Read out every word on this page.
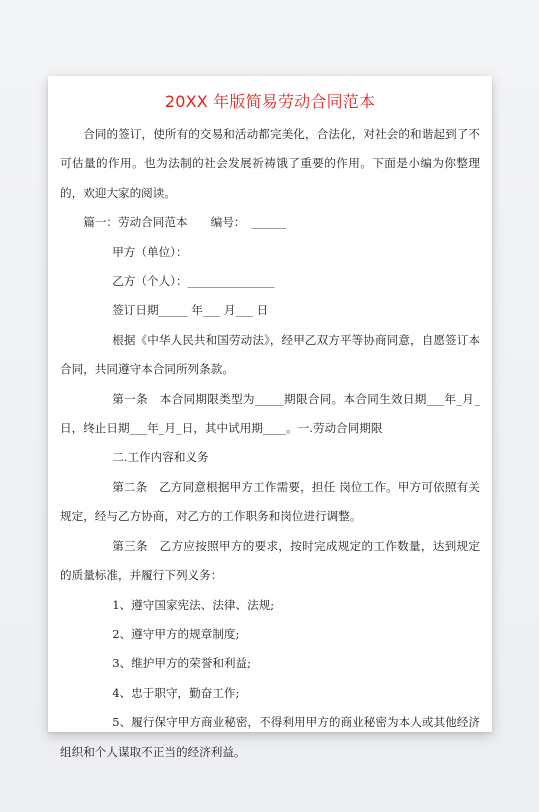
20XX 年版简易劳动合同范本

合同的签订，使所有的交易和活动都完美化，合法化，对社会的和谐起到了不可估量的作用。也为法制的社会发展祈祷饿了重要的作用。下面是小编为你整理的，欢迎大家的阅读。

篇一：劳动合同范本　　编号：　______

甲方（单位）：

乙方（个人）：_______________

签订日期_____ 年___ 月___ 日

根据《中华人民共和国劳动法》，经甲乙双方平等协商同意，自愿签订本合同，共同遵守本合同所列条款。

第一条　本合同期限类型为_____期限合同。本合同生效日期___年_月_日，终止日期___年_月_日，其中试用期____。一.劳动合同期限

二.工作内容和义务

第二条　乙方同意根据甲方工作需要，担任 岗位工作。甲方可依照有关规定，经与乙方协商，对乙方的工作职务和岗位进行调整。

第三条　乙方应按照甲方的要求，按时完成规定的工作数量，达到规定的质量标准，并履行下列义务：

1、遵守国家宪法、法律、法规;

2、遵守甲方的规章制度;

3、维护甲方的荣誉和利益;

4、忠于职守，勤奋工作;

5、履行保守甲方商业秘密，不得利用甲方的商业秘密为本人或其他经济组织和个人谋取不正当的经济利益。
